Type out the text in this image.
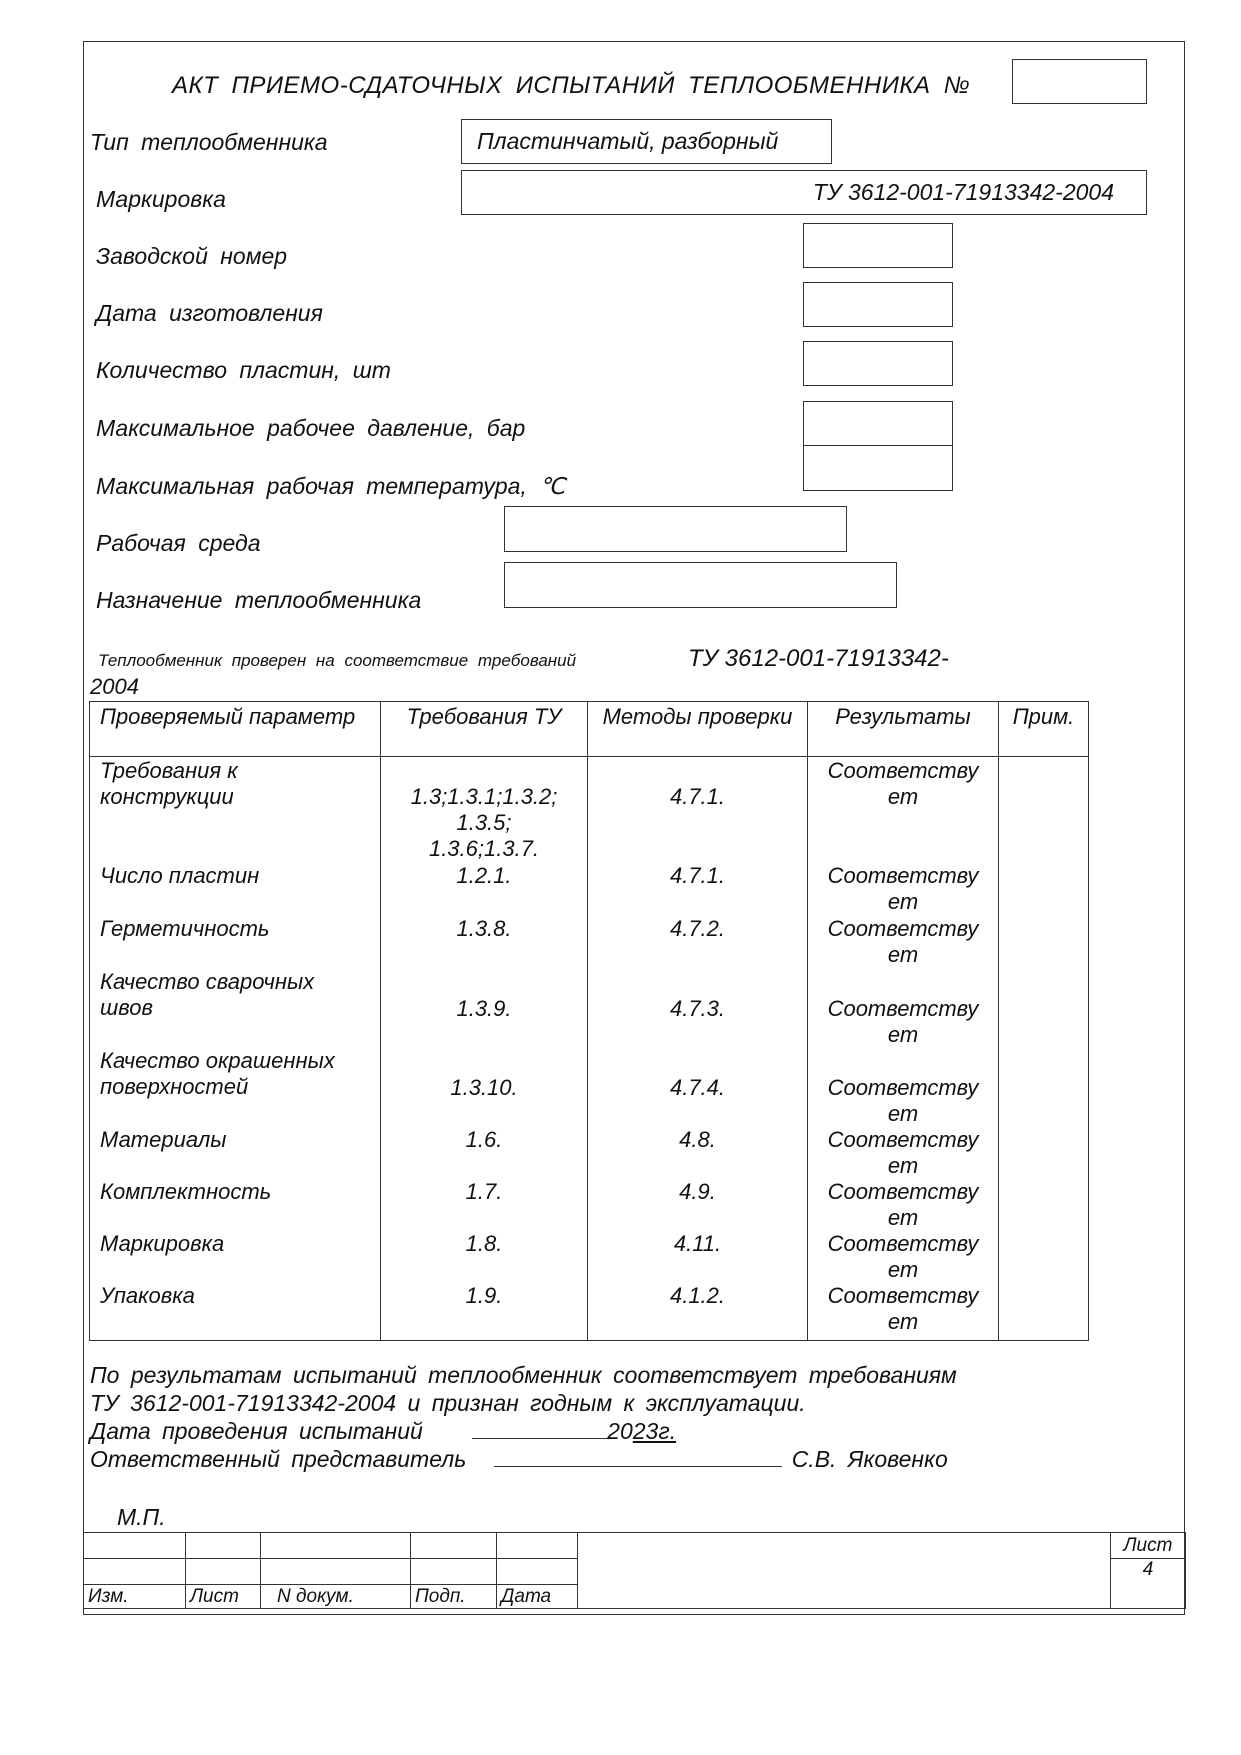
АКТ ПРИЕМО-СДАТОЧНЫХ ИСПЫТАНИЙ ТЕПЛООБМЕННИКА №
Тип теплообменника	Пластинчатый, разборный
Маркировка	ТУ 3612-001-71913342-2004
Заводской номер
Дата изготовления
Количество пластин, шт
Максимальное рабочее давление, бар
Максимальная рабочая температура, ℃
Рабочая среда
Назначение теплообменника
Теплообменник проверен на соответствие требований	ТУ 3612-001-71913342-
2004
Проверяемый параметр	Требования ТУ	Методы проверки	Результаты	Прим.

Требования к конструкции	1.3;1.3.1;1.3.2; 1.3.5; 1.3.6;1.3.7.	4.7.1.	Соответству ет	

Число пластин	1.2.1.	4.7.1.	Соответству ет	

Герметичность	1.3.8.	4.7.2.	Соответству ет	

Качество сварочных швов	1.3.9.	4.7.3.	Соответству ет	

Качество окрашенных поверхностей	1.3.10.	4.7.4.	Соответству ет	

Материалы	1.6.	4.8.	Соответству ет	

Комплектность	1.7.	4.9.	Соответству ет	

Маркировка	1.8.	4.11.	Соответству ет	

Упаковка	1.9.	4.1.2.	Соответству ет	

По результатам испытаний теплообменник соответствует требованиям
ТУ 3612-001-71913342-2004 и признан годным к эксплуатации.
Дата проведения испытаний	2023г.
Ответственный представитель	С.В. Яковенко
М.П.
						Лист
						4
Изм.	Лист	N докум.	Подп.	Дата		
